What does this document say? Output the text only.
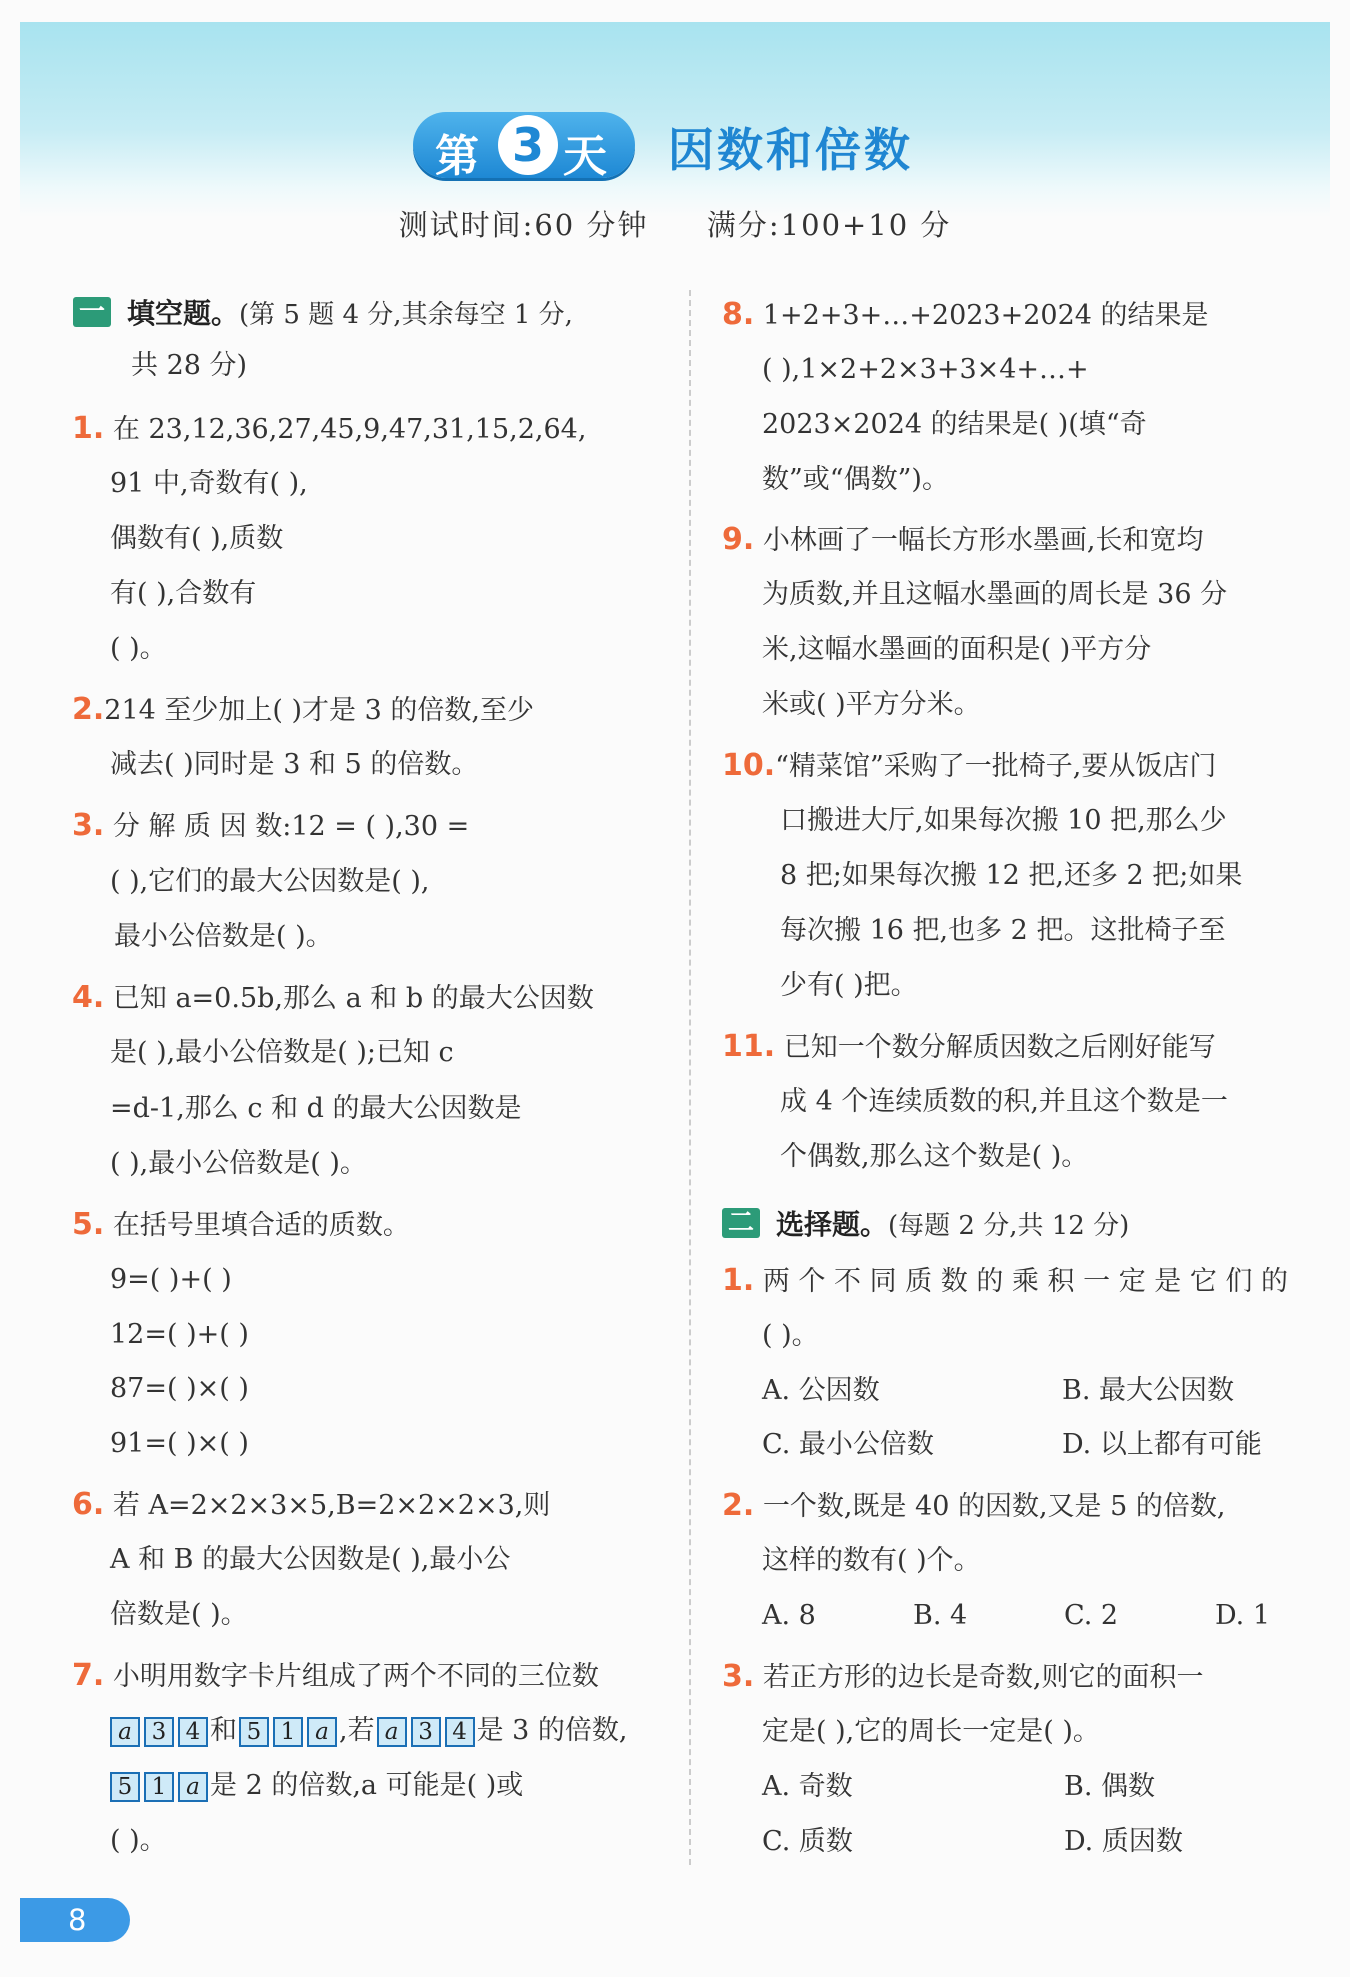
第 3 天 因数和倍数
测试时间:60 分钟 满分:100+10 分
一 填空题。 (第 5 题 4 分,其余每空 1 分,
共 28 分)
1. 在 23,12,36,27,45,9,47,31,15,2,64,
91 中,奇数有( ),
偶数有( ),质数
有( ),合数有
( )。
2.214 至少加上( )才是 3 的倍数,至少
减去( )同时是 3 和 5 的倍数。
3. 分 解 质 因 数:12 = ( ),30 =
( ),它们的最大公因数是( ),
最小公倍数是( )。
4. 已知 a=0.5b,那么 a 和 b 的最大公因数
是( ),最小公倍数是( );已知 c
=d-1,那么 c 和 d 的最大公因数是
( ),最小公倍数是( )。
5. 在括号里填合适的质数。
9=( )+( )
12=( )+( )
87=( )×( )
91=( )×( )
6. 若 A=2×2×3×5,B=2×2×2×3,则
A 和 B 的最大公因数是( ),最小公
倍数是( )。
7. 小明用数字卡片组成了两个不同的三位数
a 3 4 和 5 1 a ,若 a 3 4 是 3 的倍数,
5 1 a 是 2 的倍数,a 可能是( )或
( )。
8. 1+2+3+…+2023+2024 的结果是
( ),1×2+2×3+3×4+…+
2023×2024 的结果是( )(填“奇
数”或“偶数”)。
9. 小林画了一幅长方形水墨画,长和宽均
为质数,并且这幅水墨画的周长是 36 分
米,这幅水墨画的面积是( )平方分
米或( )平方分米。
10.“精菜馆”采购了一批椅子,要从饭店门
口搬进大厅,如果每次搬 10 把,那么少
8 把;如果每次搬 12 把,还多 2 把;如果
每次搬 16 把,也多 2 把。这批椅子至
少有( )把。
11. 已知一个数分解质因数之后刚好能写
成 4 个连续质数的积,并且这个数是一
个偶数,那么这个数是( )。
二 选择题。 (每题 2 分,共 12 分)
1. 两 个 不 同 质 数 的 乘 积 一 定 是 它 们 的
( )。
A. 公因数	B. 最大公因数
C. 最小公倍数	D. 以上都有可能
2. 一个数,既是 40 的因数,又是 5 的倍数,
这样的数有( )个。
A. 8	B. 4	C. 2	D. 1
3. 若正方形的边长是奇数,则它的面积一
定是( ),它的周长一定是( )。
A. 奇数	B. 偶数
C. 质数	D. 质因数
8
